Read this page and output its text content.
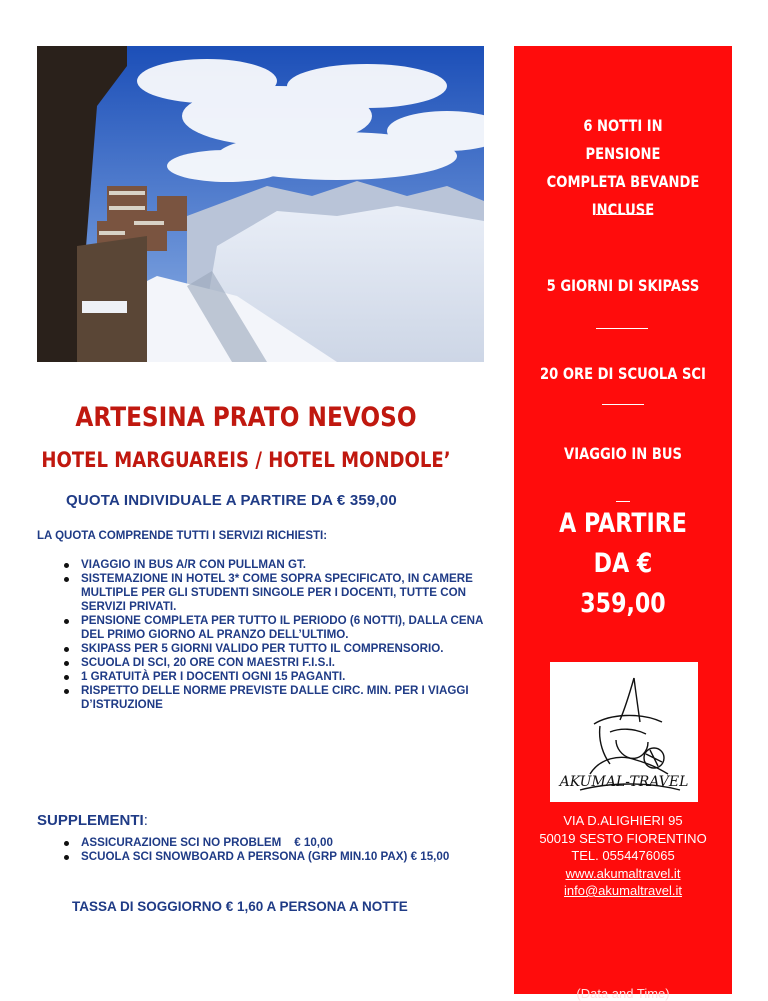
ARTESINA PRATO NEVOSO
HOTEL MARGUAREIS / HOTEL MONDOLE’
QUOTA INDIVIDUALE A PARTIRE DA € 359,00
LA QUOTA COMPRENDE TUTTI I SERVIZI RICHIESTI:
VIAGGIO IN BUS A/R CON PULLMAN GT.
SISTEMAZIONE IN HOTEL 3* COME SOPRA SPECIFICATO, IN CAMERE MULTIPLE PER GLI STUDENTI SINGOLE PER I DOCENTI, TUTTE CON SERVIZI PRIVATI.
PENSIONE COMPLETA PER TUTTO IL PERIODO (6 NOTTI), DALLA CENA DEL PRIMO GIORNO AL PRANZO DELL’ULTIMO.
SKIPASS PER 5 GIORNI VALIDO PER TUTTO IL COMPRENSORIO.
SCUOLA DI SCI, 20 ORE CON MAESTRI F.I.S.I.
1 GRATUITÀ PER I DOCENTI OGNI 15 PAGANTI.
RISPETTO DELLE NORME PREVISTE DALLE CIRC. MIN. PER I VIAGGI D’ISTRUZIONE
SUPPLEMENTI:
ASSICURAZIONE SCI NO PROBLEM    € 10,00
SCUOLA SCI SNOWBOARD A PERSONA (GRP MIN.10 PAX) € 15,00
TASSA DI SOGGIORNO € 1,60 A PERSONA A NOTTE
6 NOTTI IN PENSIONE COMPLETA BEVANDE INCLUSE
5 GIORNI DI SKIPASS
20 ORE DI SCUOLA SCI
VIAGGIO IN BUS
A PARTIRE DA € 359,00
AKUMAL-TRAVEL
VIA D.ALIGHIERI 95
50019 SESTO FIORENTINO
TEL. 0554476065
www.akumaltravel.it
info@akumaltravel.it
(Data and Time)
